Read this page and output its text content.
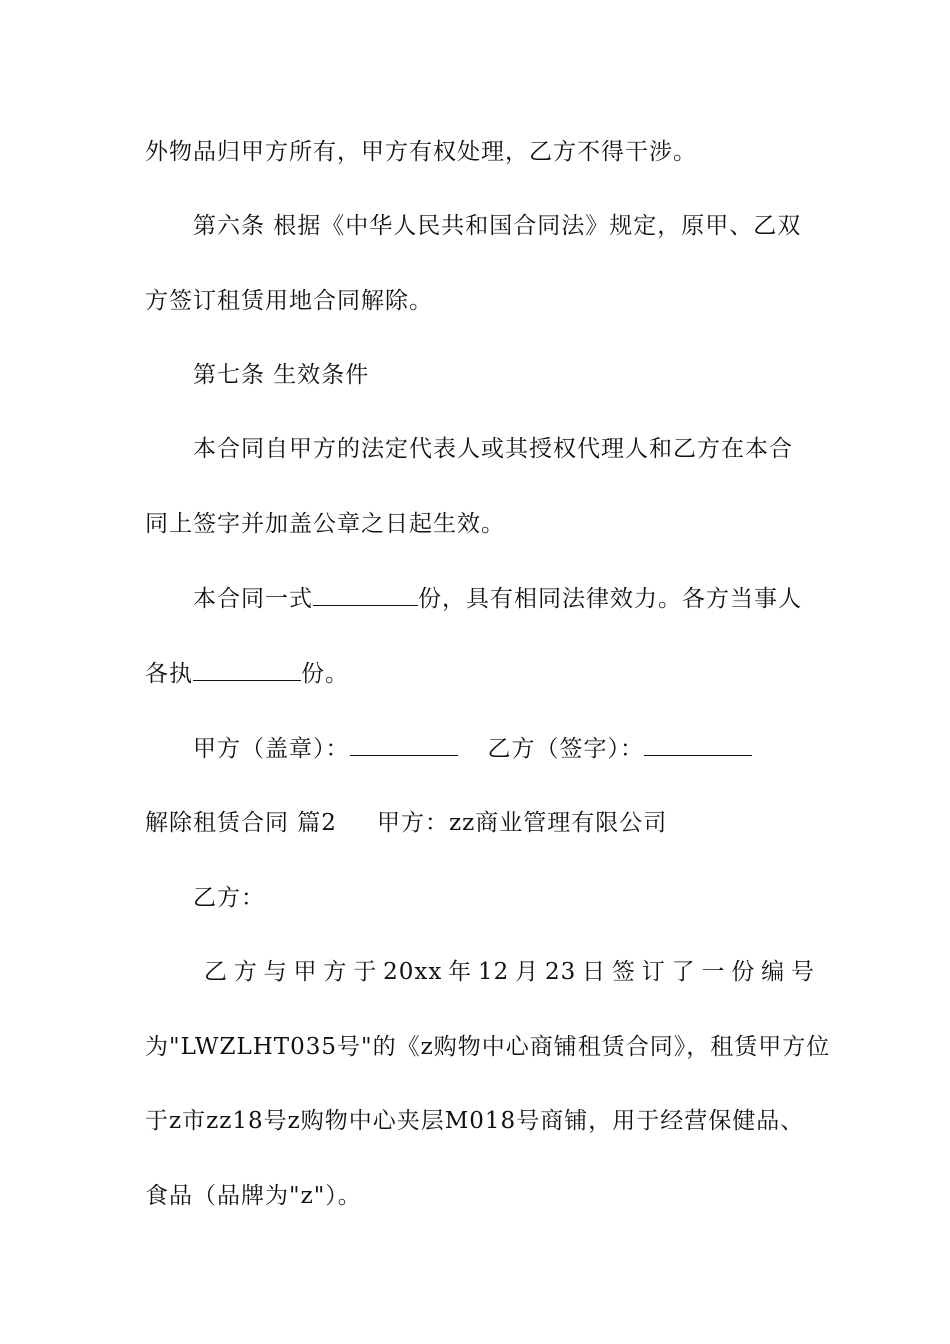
外物品归甲方所有，甲方有权处理，乙方不得干涉。
第六条 根据《中华人民共和国合同法》规定，原甲、乙双
方签订租赁用地合同解除。
第七条 生效条件
本合同自甲方的法定代表人或其授权代理人和乙方在本合
同上签字并加盖公章之日起生效。
本合同一式	份，具有相同法律效力。各方当事人
各执	份。
甲方（盖章）：	乙方（签字）：
解除租赁合同 篇2 甲方：zz商业管理有限公司
乙方：
乙方与甲方于20xx年12月23日签订了一份编号
为"LWZLHT035号"的《z购物中心商铺租赁合同》，租赁甲方位
于z市zz18号z购物中心夹层M018号商铺，用于经营保健品、
食品（品牌为"z"）。
